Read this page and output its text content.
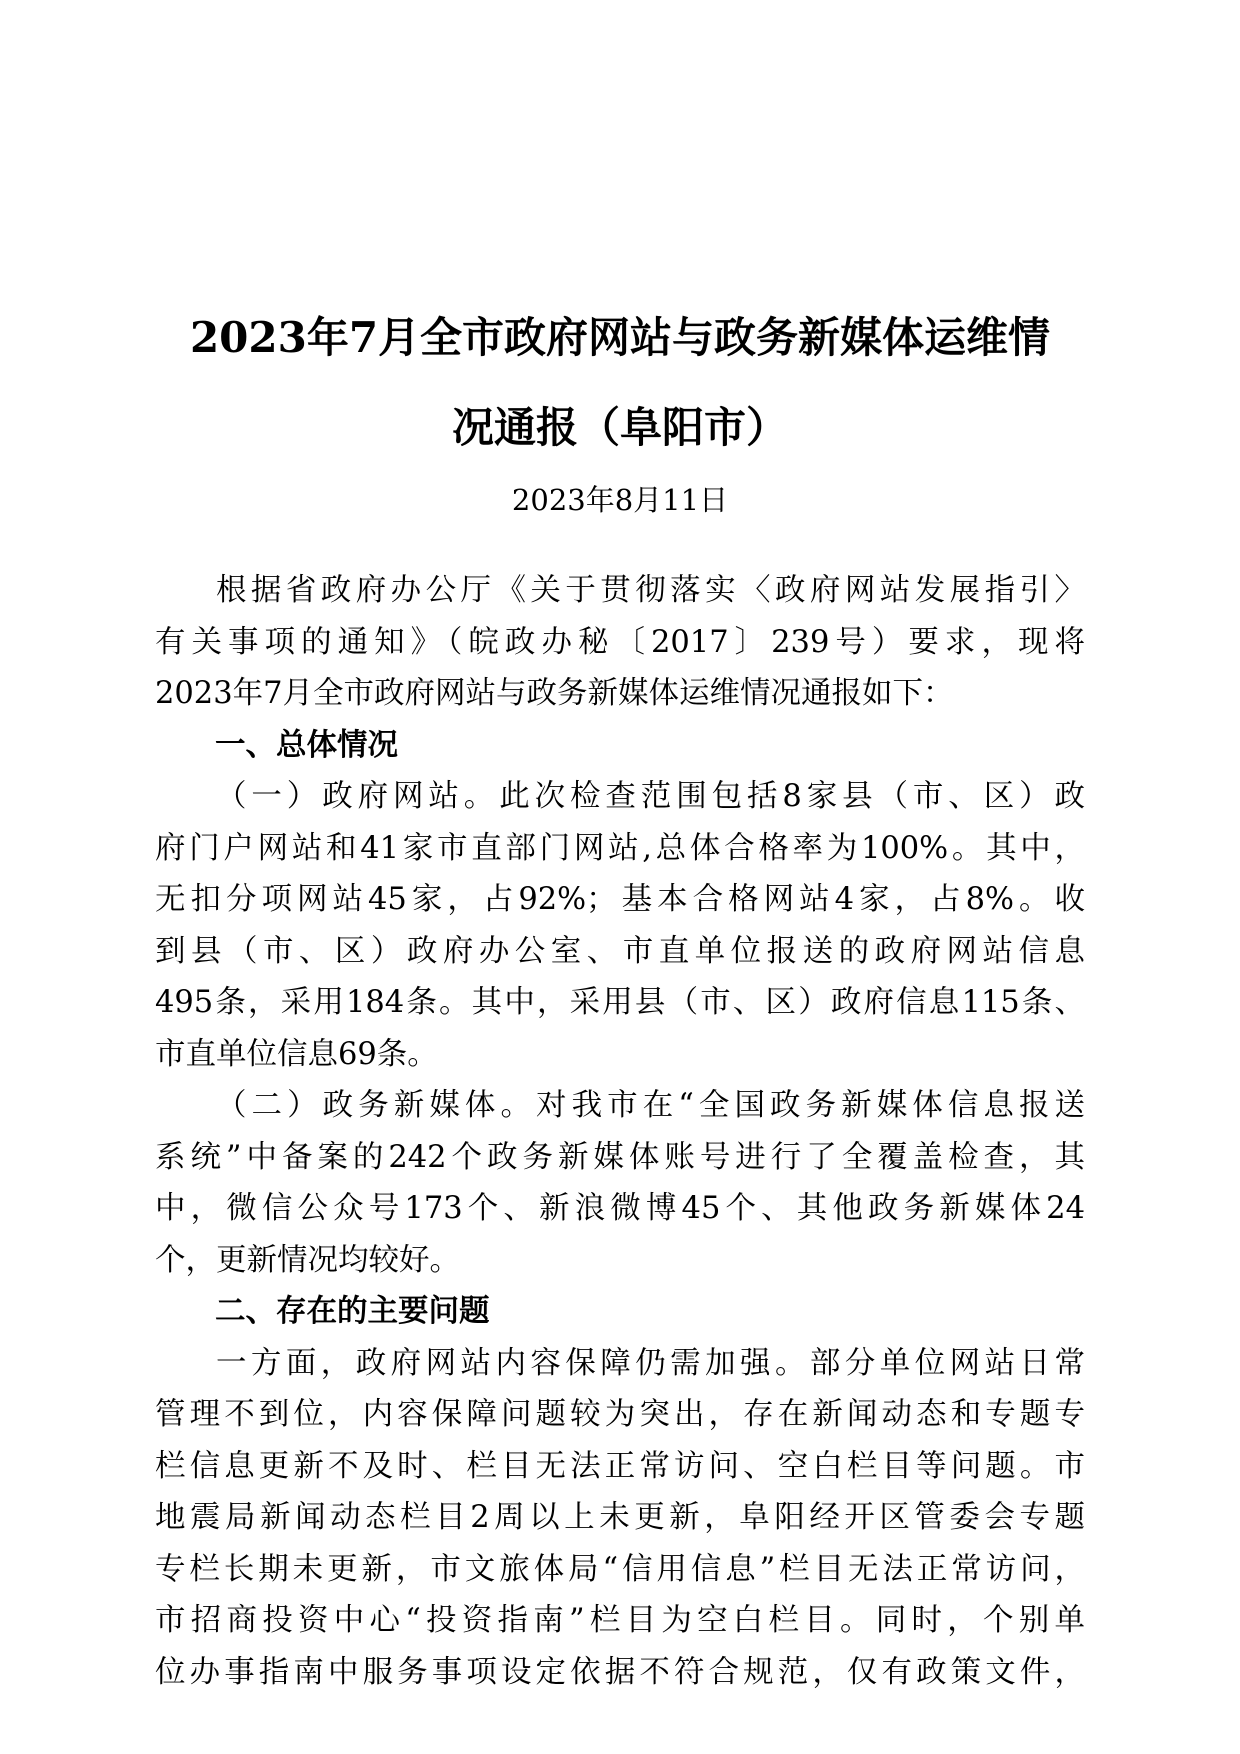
2023年7月全市政府网站与政务新媒体运维情
况通报（阜阳市）
2023年8月11日
根据省政府办公厅《关于贯彻落实〈政府网站发展指引〉
有关事项的通知》（皖政办秘〔2017〕239号）要求，现将
2023年7月全市政府网站与政务新媒体运维情况通报如下：
一、总体情况
（一）政府网站。此次检查范围包括8家县（市、区）政
府门户网站和41家市直部门网站,总体合格率为100%。其中，
无扣分项网站45家，占92%；基本合格网站4家，占8%。收
到县（市、区）政府办公室、市直单位报送的政府网站信息
495条，采用184条。其中，采用县（市、区）政府信息115条、
市直单位信息69条。
（二）政务新媒体。对我市在“全国政务新媒体信息报送
系统”中备案的242个政务新媒体账号进行了全覆盖检查，其
中，微信公众号173个、新浪微博45个、其他政务新媒体24
个，更新情况均较好。
二、存在的主要问题
一方面，政府网站内容保障仍需加强。部分单位网站日常
管理不到位，内容保障问题较为突出，存在新闻动态和专题专
栏信息更新不及时、栏目无法正常访问、空白栏目等问题。市
地震局新闻动态栏目2周以上未更新，阜阳经开区管委会专题
专栏长期未更新，市文旅体局“信用信息”栏目无法正常访问，
市招商投资中心“投资指南”栏目为空白栏目。同时，个别单
位办事指南中服务事项设定依据不符合规范，仅有政策文件，
